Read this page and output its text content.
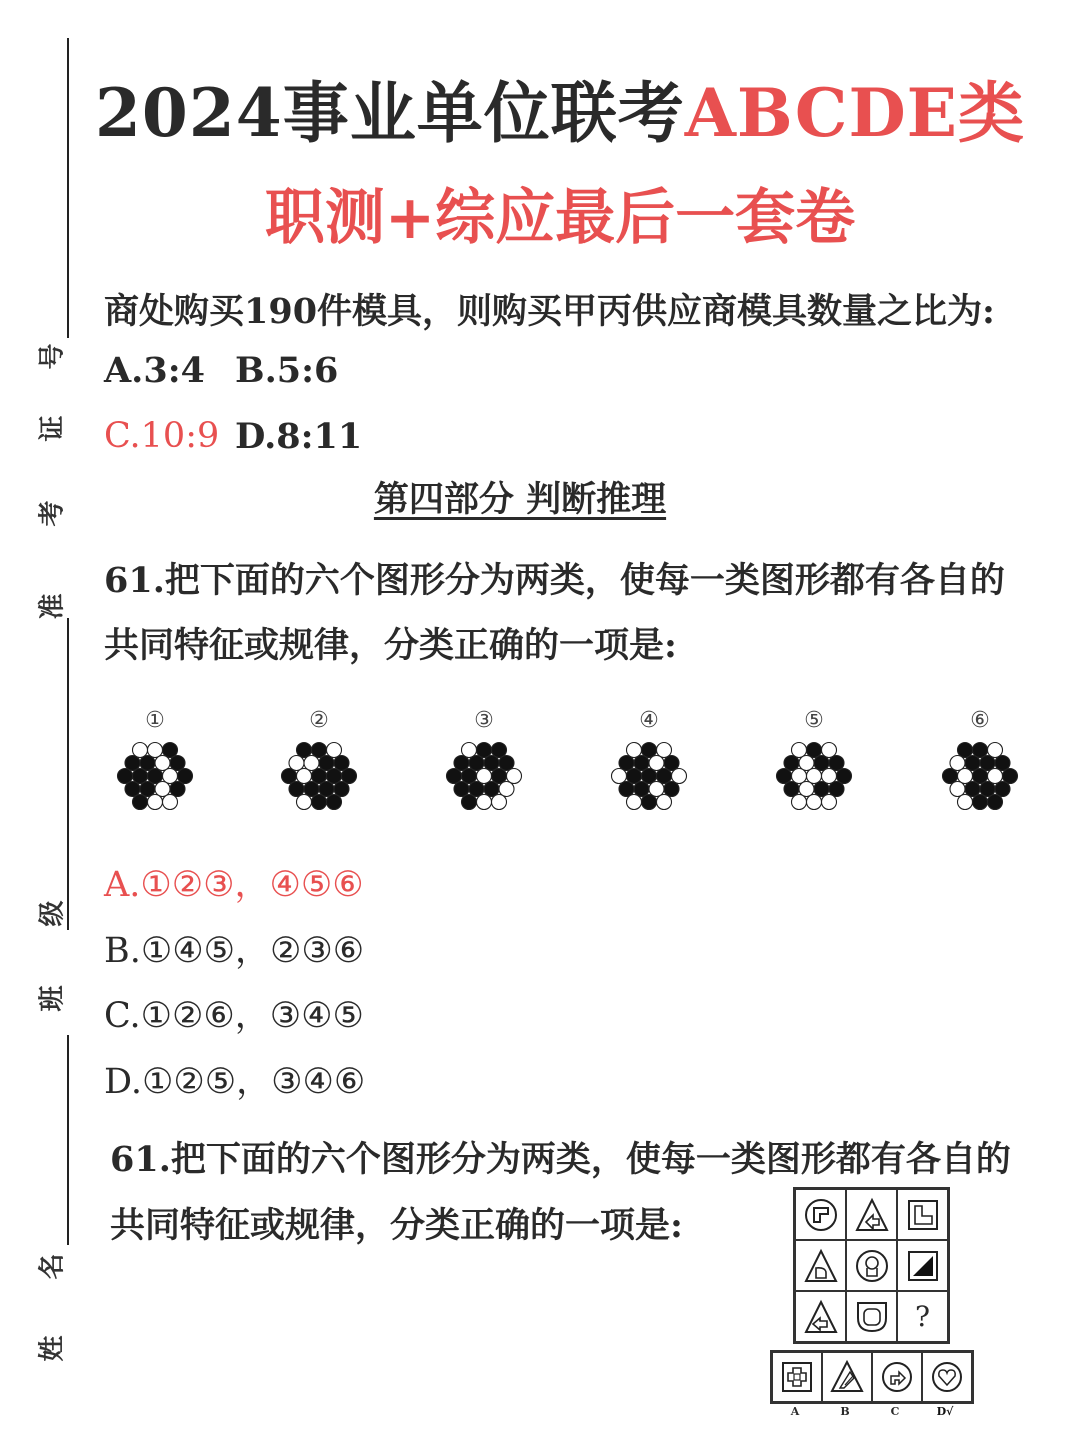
号
证
考
准
级
班
名
姓
2024事业单位联考ABCDE类
职测+综应最后一套卷
商处购买190件模具，则购买甲丙供应商模具数量之比为:
A.3:4 B.5:6
C.10:9 D.8:11
第四部分 判断推理
61.把下面的六个图形分为两类，使每一类图形都有各自的
共同特征或规律，分类正确的一项是:
①	②	③	④	⑤	⑥
A.①②③，④⑤⑥
B.①④⑤，②③⑥
C.①②⑥，③④⑤
D.①②⑤，③④⑥
61.把下面的六个图形分为两类，使每一类图形都有各自的
共同特征或规律，分类正确的一项是:
?
A	B	C	D√
